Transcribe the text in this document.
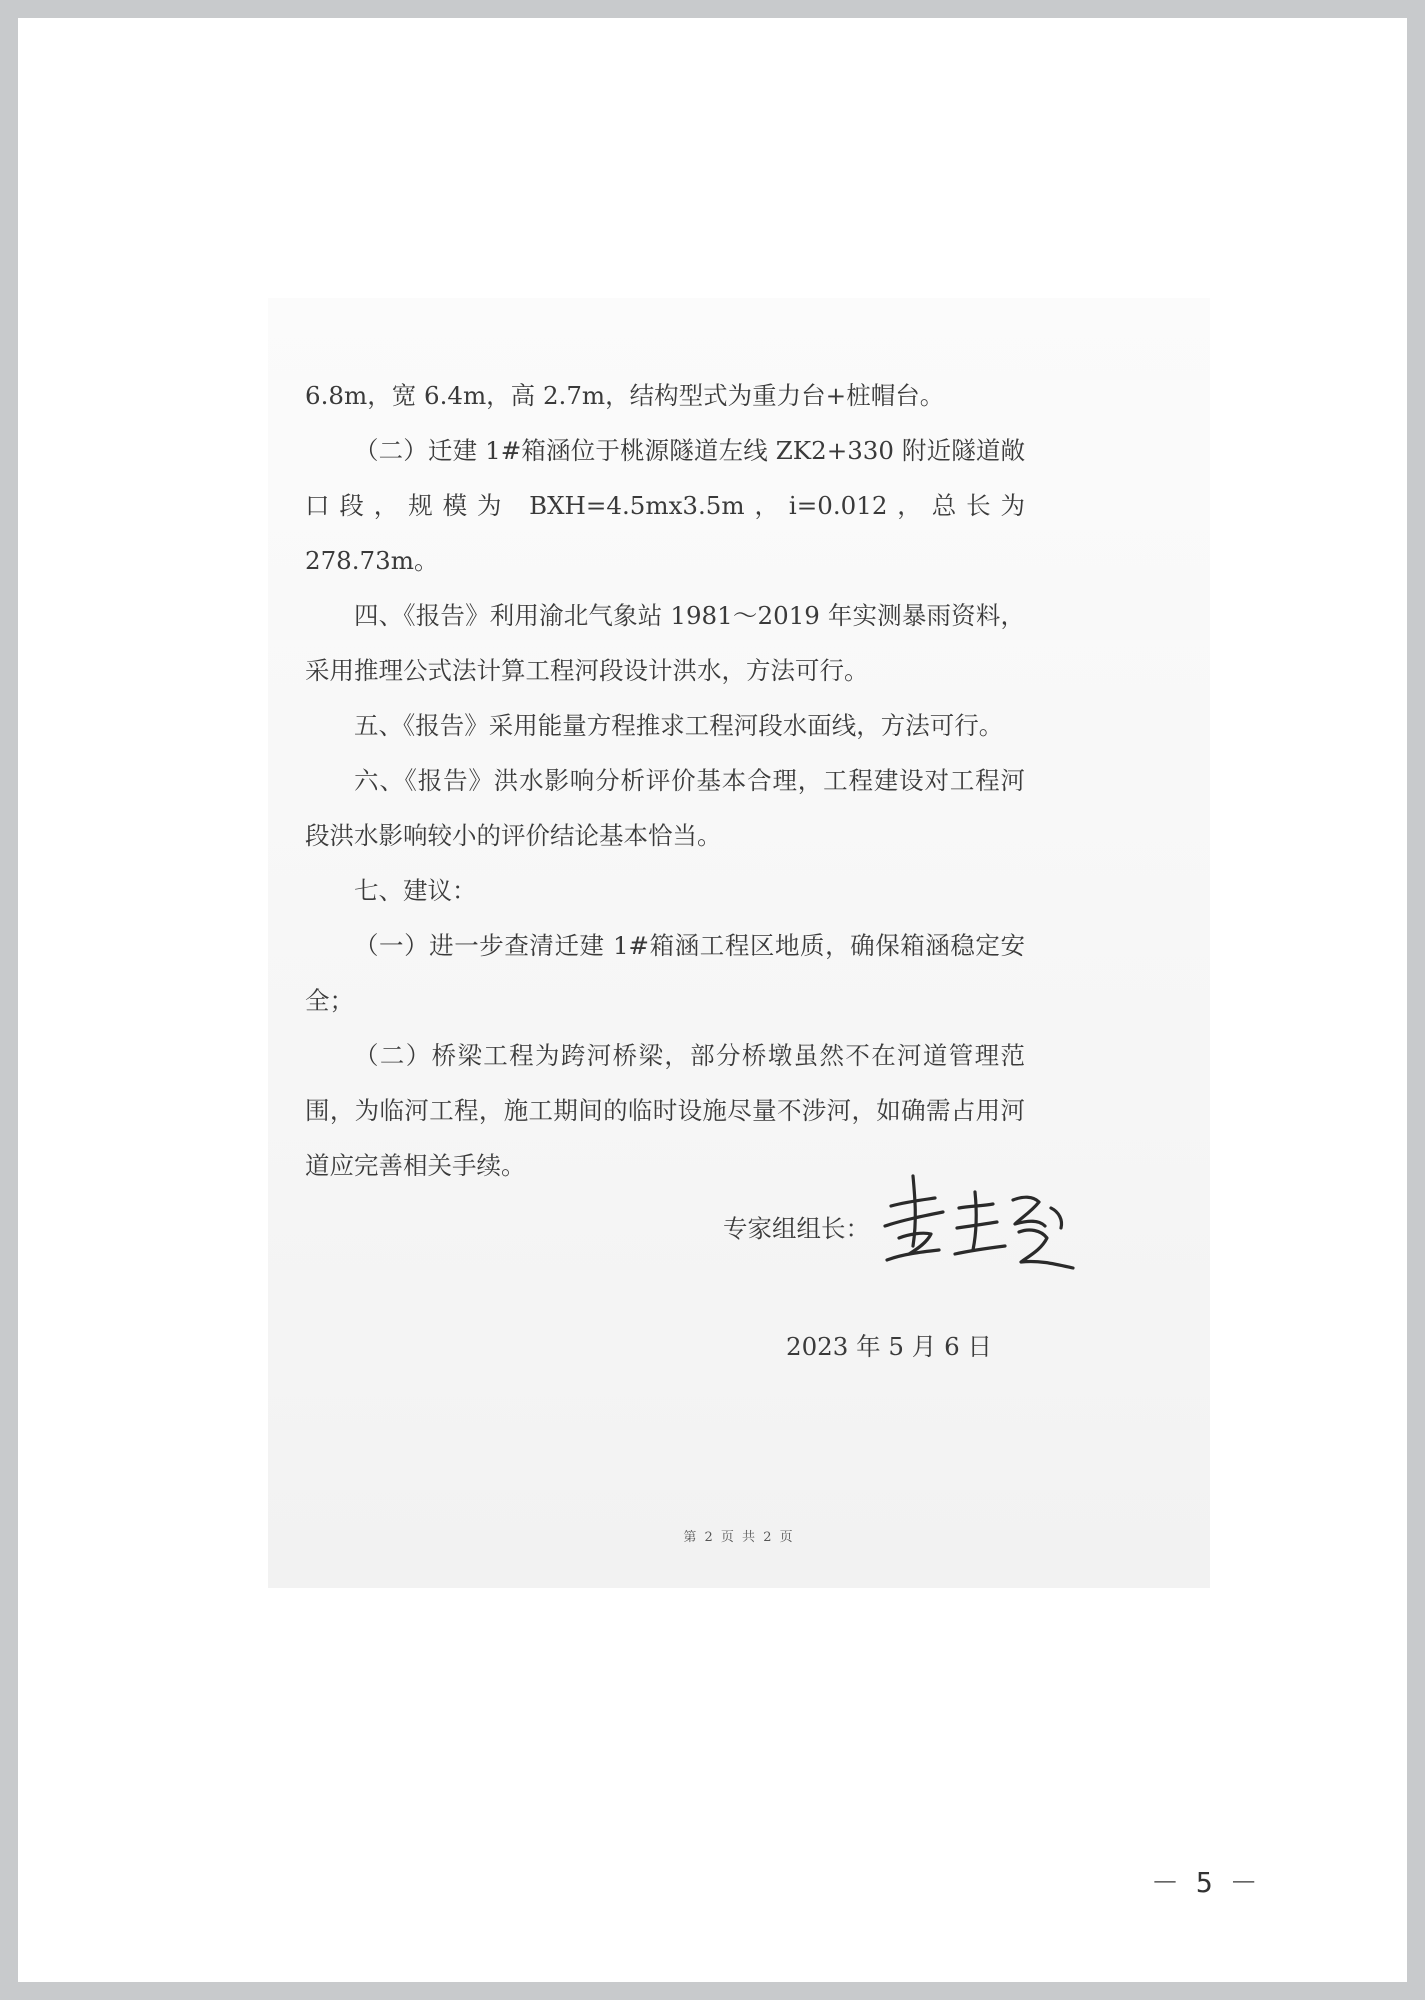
6.8m，宽 6.4m，高 2.7m，结构型式为重力台+桩帽台。

（二）迁建 1#箱涵位于桃源隧道左线 ZK2+330 附近隧道敞口段，规模为 BXH=4.5mx3.5m，i=0.012，总长为 278.73m。

四、《报告》利用渝北气象站 1981～2019 年实测暴雨资料，采用推理公式法计算工程河段设计洪水，方法可行。

五、《报告》采用能量方程推求工程河段水面线，方法可行。

六、《报告》洪水影响分析评价基本合理，工程建设对工程河段洪水影响较小的评价结论基本恰当。

七、建议：

（一）进一步查清迁建 1#箱涵工程区地质，确保箱涵稳定安全；

（二）桥梁工程为跨河桥梁，部分桥墩虽然不在河道管理范围，为临河工程，施工期间的临时设施尽量不涉河，如确需占用河道应完善相关手续。

专家组组长：
2023 年 5 月 6 日
第 2 页 共 2 页
－ 5 －
